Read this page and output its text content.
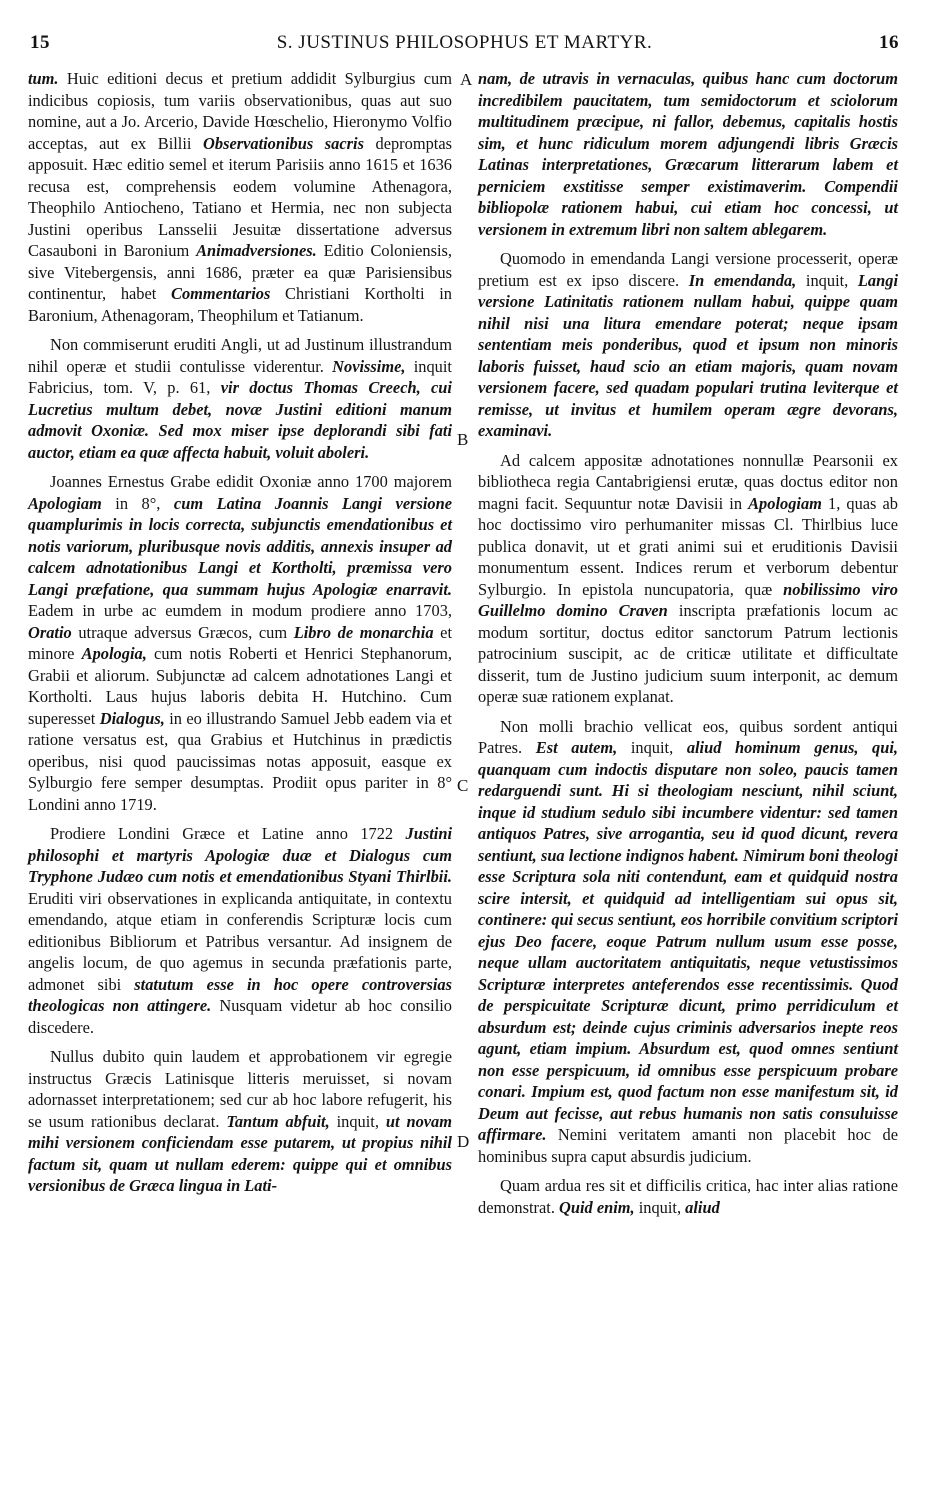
15	S. JUSTINUS PHILOSOPHUS ET MARTYR.	16

tum. Huic editioni decus et pretium addidit Sylburgius cum indicibus copiosis, tum variis observationibus, quas aut suo nomine, aut a Jo. Arcerio, Davide Hœschelio, Hieronymo Volfio acceptas, aut ex Billii Observationibus sacris depromptas apposuit. Hæc editio semel et iterum Parisiis anno 1615 et 1636 recusa est, comprehensis eodem volumine Athenagora, Theophilo Antiocheno, Tatiano et Hermia, nec non subjecta Justini operibus Lansselii Jesuitæ dissertatione adversus Casauboni in Baronium Animadversiones. Editio Coloniensis, sive Vitebergensis, anni 1686, præter ea quæ Parisiensibus continentur, habet Commentarios Christiani Kortholti in Baronium, Athenagoram, Theophilum et Tatianum.

Non commiserunt eruditi Angli, ut ad Justinum illustrandum nihil operæ et studii contulisse viderentur. Novissime, inquit Fabricius, tom. V, p. 61, vir doctus Thomas Creech, cui Lucretius multum debet, novæ Justini editioni manum admovit Oxoniæ. Sed mox miser ipse deplorandi sibi fati auctor, etiam ea quæ affecta habuit, voluit aboleri.

Joannes Ernestus Grabe edidit Oxoniæ anno 1700 majorem Apologiam in 8°, cum Latina Joannis Langi versione quamplurimis in locis correcta, subjunctis emendationibus et notis variorum, pluribusque novis additis, annexis insuper ad calcem adnotationibus Langi et Kortholti, præmissa vero Langi præfatione, qua summam hujus Apologiæ enarravit. Eadem in urbe ac eumdem in modum prodiere anno 1703, Oratio utraque adversus Græcos, cum Libro de monarchia et minore Apologia, cum notis Roberti et Henrici Stephanorum, Grabii et aliorum. Subjunctæ ad calcem adnotationes Langi et Kortholti. Laus hujus laboris debita H. Hutchino. Cum superesset Dialogus, in eo illustrando Samuel Jebb eadem via et ratione versatus est, qua Grabius et Hutchinus in prædictis operibus, nisi quod paucissimas notas apposuit, easque ex Sylburgio fere semper desumptas. Prodiit opus pariter in 8° Londini anno 1719.

Prodiere Londini Græce et Latine anno 1722 Justini philosophi et martyris Apologiæ duæ et Dialogus cum Tryphone Judæo cum notis et emendationibus Styani Thirlbii. Eruditi viri observationes in explicanda antiquitate, in contextu emendando, atque etiam in conferendis Scripturæ locis cum editionibus Bibliorum et Patribus versantur. Ad insignem de angelis locum, de quo agemus in secunda præfationis parte, admonet sibi statutum esse in hoc opere controversias theologicas non attingere. Nusquam videtur ab hoc consilio discedere.

Nullus dubito quin laudem et approbationem vir egregie instructus Græcis Latinisque litteris meruisset, si novam adornasset interpretationem; sed cur ab hoc labore refugerit, his se usum rationibus declarat. Tantum abfuit, inquit, ut novam mihi versionem conficiendam esse putarem, ut propius nihil factum sit, quam ut nullam ederem: quippe qui et omnibus versionibus de Græca lingua in Lati-

nam, de utravis in vernaculas, quibus hanc cum doctorum incredibilem paucitatem, tum semidoctorum et sciolorum multitudinem præcipue, ni fallor, debemus, capitalis hostis sim, et hunc ridiculum morem adjungendi libris Græcis Latinas interpretationes, Græcarum litterarum labem et perniciem exstitisse semper existimaverim. Compendii bibliopolæ rationem habui, cui etiam hoc concessi, ut versionem in extremum libri non saltem ablegarem.

Quomodo in emendanda Langi versione processerit, operæ pretium est ex ipso discere. In emendanda, inquit, Langi versione Latinitatis rationem nullam habui, quippe quam nihil nisi una litura emendare poterat; neque ipsam sententiam meis ponderibus, quod et ipsum non minoris laboris fuisset, haud scio an etiam majoris, quam novam versionem facere, sed quadam populari trutina leviterque et remisse, ut invitus et humilem operam ægre devorans, examinavi.

Ad calcem appositæ adnotationes nonnullæ Pearsonii ex bibliotheca regia Cantabrigiensi erutæ, quas doctus editor non magni facit. Sequuntur notæ Davisii in Apologiam 1, quas ab hoc doctissimo viro perhumaniter missas Cl. Thirlbius luce publica donavit, ut et grati animi sui et eruditionis Davisii monumentum essent. Indices rerum et verborum debentur Sylburgio. In epistola nuncupatoria, quæ nobilissimo viro Guillelmo domino Craven inscripta præfationis locum ac modum sortitur, doctus editor sanctorum Patrum lectionis patrocinium suscipit, ac de criticæ utilitate et difficultate disserit, tum de Justino judicium suum interponit, ac demum operæ suæ rationem explanat.

Non molli brachio vellicat eos, quibus sordent antiqui Patres. Est autem, inquit, aliud hominum genus, qui, quanquam cum indoctis disputare non soleo, paucis tamen redarguendi sunt. Hi si theologiam nesciunt, nihil sciunt, inque id studium sedulo sibi incumbere videntur: sed tamen antiquos Patres, sive arrogantia, seu id quod dicunt, revera sentiunt, sua lectione indignos habent. Nimirum boni theologi esse Scriptura sola niti contendunt, eam et quidquid nostra scire intersit, et quidquid ad intelligentiam sui opus sit, continere: qui secus sentiunt, eos horribile convitium scriptori ejus Deo facere, eoque Patrum nullum usum esse posse, neque ullam auctoritatem antiquitatis, neque vetustissimos Scripturæ interpretes anteferendos esse recentissimis. Quod de perspicuitate Scripturæ dicunt, primo perridiculum et absurdum est; deinde cujus criminis adversarios inepte reos agunt, etiam impium. Absurdum est, quod omnes sentiunt non esse perspicuum, id omnibus esse perspicuum probare conari. Impium est, quod factum non esse manifestum sit, id Deum aut fecisse, aut rebus humanis non satis consuluisse affirmare. Nemini veritatem amanti non placebit hoc de hominibus supra caput absurdis judicium.

Quam ardua res sit et difficilis critica, hac inter alias ratione demonstrat. Quid enim, inquit, aliud

A
B
C
D
